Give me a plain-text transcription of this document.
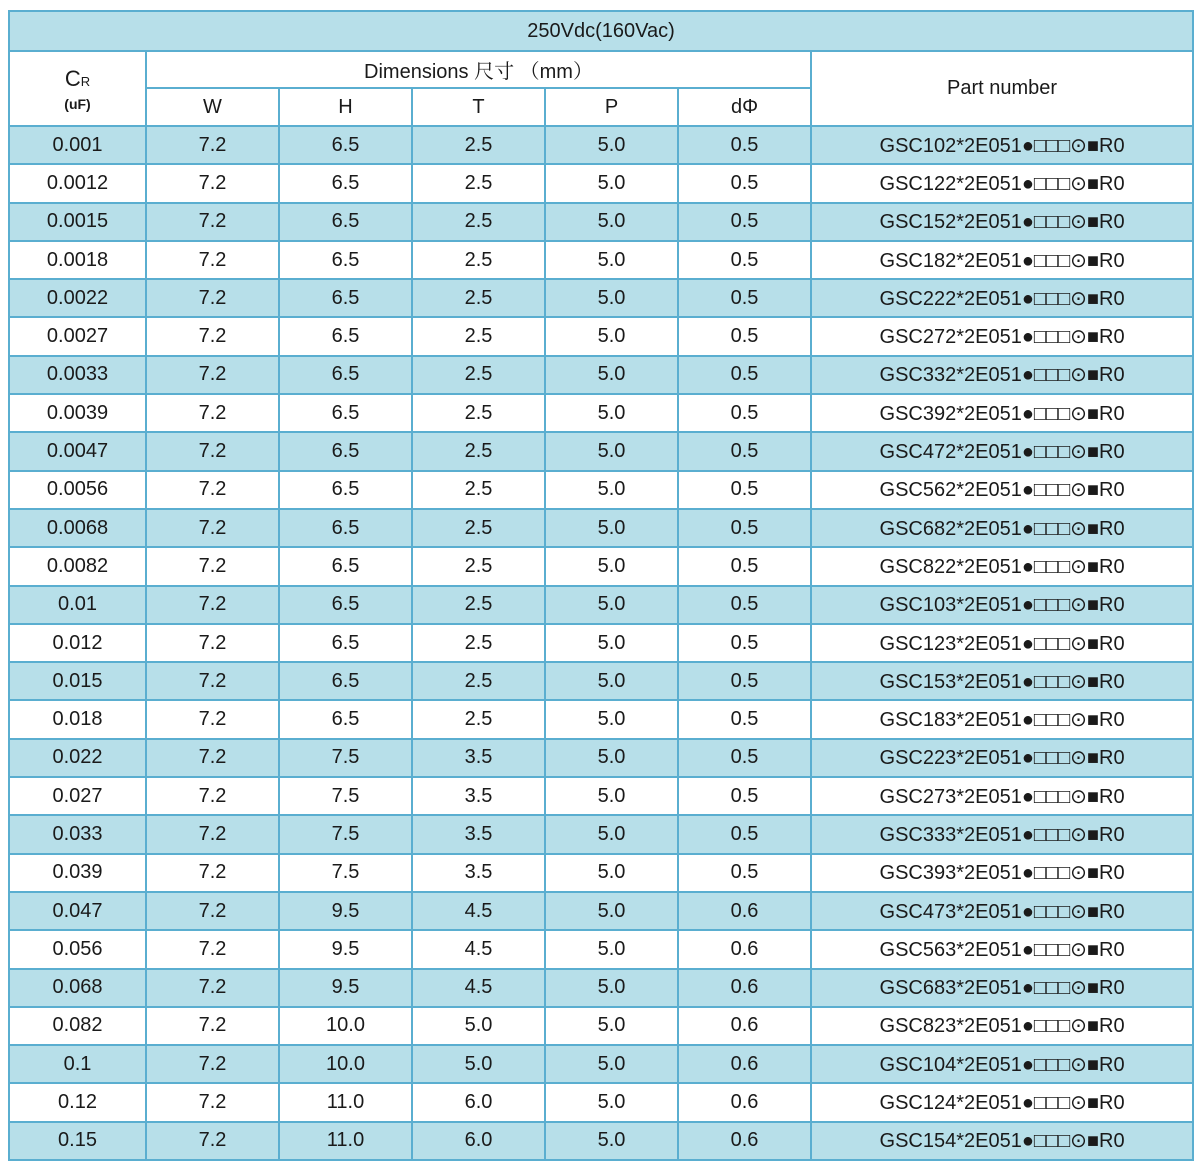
250Vdc(160Vac)						
CR
(uF)	Dimensions 尺寸 （mm）					Part number
	W	H	T	P	dΦ	
0.001	7.2	6.5	2.5	5.0	0.5	GSC102*2E051●□□□⊙■R0
0.0012	7.2	6.5	2.5	5.0	0.5	GSC122*2E051●□□□⊙■R0
0.0015	7.2	6.5	2.5	5.0	0.5	GSC152*2E051●□□□⊙■R0
0.0018	7.2	6.5	2.5	5.0	0.5	GSC182*2E051●□□□⊙■R0
0.0022	7.2	6.5	2.5	5.0	0.5	GSC222*2E051●□□□⊙■R0
0.0027	7.2	6.5	2.5	5.0	0.5	GSC272*2E051●□□□⊙■R0
0.0033	7.2	6.5	2.5	5.0	0.5	GSC332*2E051●□□□⊙■R0
0.0039	7.2	6.5	2.5	5.0	0.5	GSC392*2E051●□□□⊙■R0
0.0047	7.2	6.5	2.5	5.0	0.5	GSC472*2E051●□□□⊙■R0
0.0056	7.2	6.5	2.5	5.0	0.5	GSC562*2E051●□□□⊙■R0
0.0068	7.2	6.5	2.5	5.0	0.5	GSC682*2E051●□□□⊙■R0
0.0082	7.2	6.5	2.5	5.0	0.5	GSC822*2E051●□□□⊙■R0
0.01	7.2	6.5	2.5	5.0	0.5	GSC103*2E051●□□□⊙■R0
0.012	7.2	6.5	2.5	5.0	0.5	GSC123*2E051●□□□⊙■R0
0.015	7.2	6.5	2.5	5.0	0.5	GSC153*2E051●□□□⊙■R0
0.018	7.2	6.5	2.5	5.0	0.5	GSC183*2E051●□□□⊙■R0
0.022	7.2	7.5	3.5	5.0	0.5	GSC223*2E051●□□□⊙■R0
0.027	7.2	7.5	3.5	5.0	0.5	GSC273*2E051●□□□⊙■R0
0.033	7.2	7.5	3.5	5.0	0.5	GSC333*2E051●□□□⊙■R0
0.039	7.2	7.5	3.5	5.0	0.5	GSC393*2E051●□□□⊙■R0
0.047	7.2	9.5	4.5	5.0	0.6	GSC473*2E051●□□□⊙■R0
0.056	7.2	9.5	4.5	5.0	0.6	GSC563*2E051●□□□⊙■R0
0.068	7.2	9.5	4.5	5.0	0.6	GSC683*2E051●□□□⊙■R0
0.082	7.2	10.0	5.0	5.0	0.6	GSC823*2E051●□□□⊙■R0
0.1	7.2	10.0	5.0	5.0	0.6	GSC104*2E051●□□□⊙■R0
0.12	7.2	11.0	6.0	5.0	0.6	GSC124*2E051●□□□⊙■R0
0.15	7.2	11.0	6.0	5.0	0.6	GSC154*2E051●□□□⊙■R0
